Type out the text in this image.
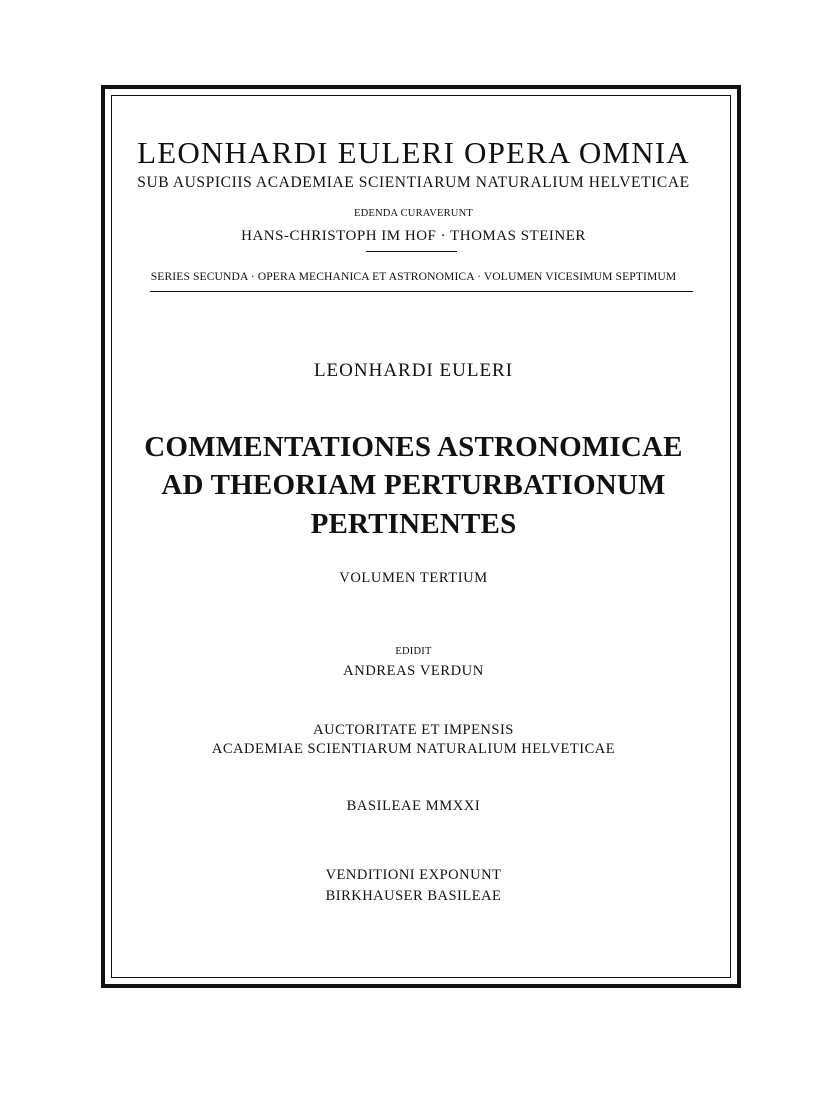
LEONHARDI EULERI OPERA OMNIA
SUB AUSPICIIS ACADEMIAE SCIENTIARUM NATURALIUM HELVETICAE
EDENDA CURAVERUNT
HANS-CHRISTOPH IM HOF · THOMAS STEINER
SERIES SECUNDA · OPERA MECHANICA ET ASTRONOMICA · VOLUMEN VICESIMUM SEPTIMUM
LEONHARDI EULERI
COMMENTATIONES ASTRONOMICAE
AD THEORIAM PERTURBATIONUM
PERTINENTES
VOLUMEN TERTIUM
EDIDIT
ANDREAS VERDUN
AUCTORITATE ET IMPENSIS
ACADEMIAE SCIENTIARUM NATURALIUM HELVETICAE
BASILEAE MMXXI
VENDITIONI EXPONUNT
BIRKHAUSER BASILEAE
